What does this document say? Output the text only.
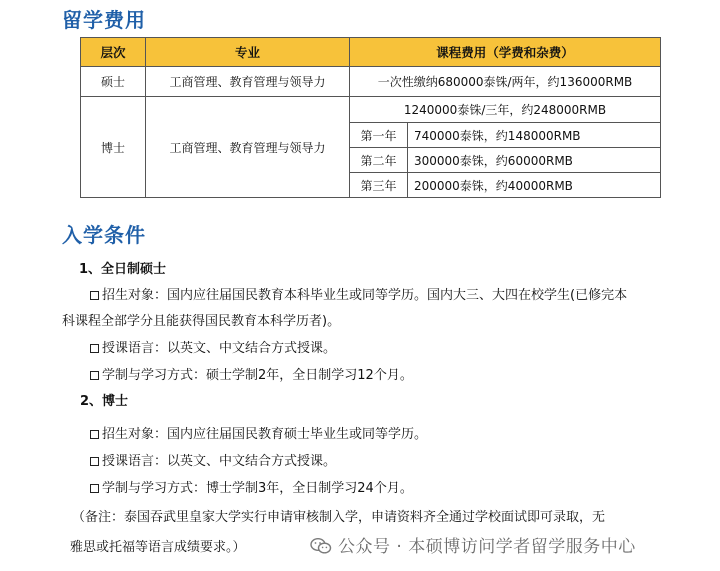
留学费用
层次	专业	课程费用（学费和杂费）	
硕士	工商管理、教育管理与领导力	一次性缴纳680000泰铢/两年，约136000RMB	
博士	工商管理、教育管理与领导力	1240000泰铢/三年，约248000RMB	
		第一年	740000泰铢，约148000RMB
		第二年	300000泰铢，约60000RMB
		第三年	200000泰铢，约40000RMB
入学条件
1、全日制硕士
招生对象：国内应往届国民教育本科毕业生或同等学历。国内大三、大四在校学生(已修完本
科课程全部学分且能获得国民教育本科学历者)。
授课语言：以英文、中文结合方式授课。
学制与学习方式：硕士学制2年，全日制学习12个月。
2、博士
招生对象：国内应往届国民教育硕士毕业生或同等学历。
授课语言：以英文、中文结合方式授课。
学制与学习方式：博士学制3年，全日制学习24个月。
（备注：泰国吞武里皇家大学实行申请审核制入学，申请资料齐全通过学校面试即可录取，无
雅思或托福等语言成绩要求。）	公众号 · 本硕博访问学者留学服务中心
